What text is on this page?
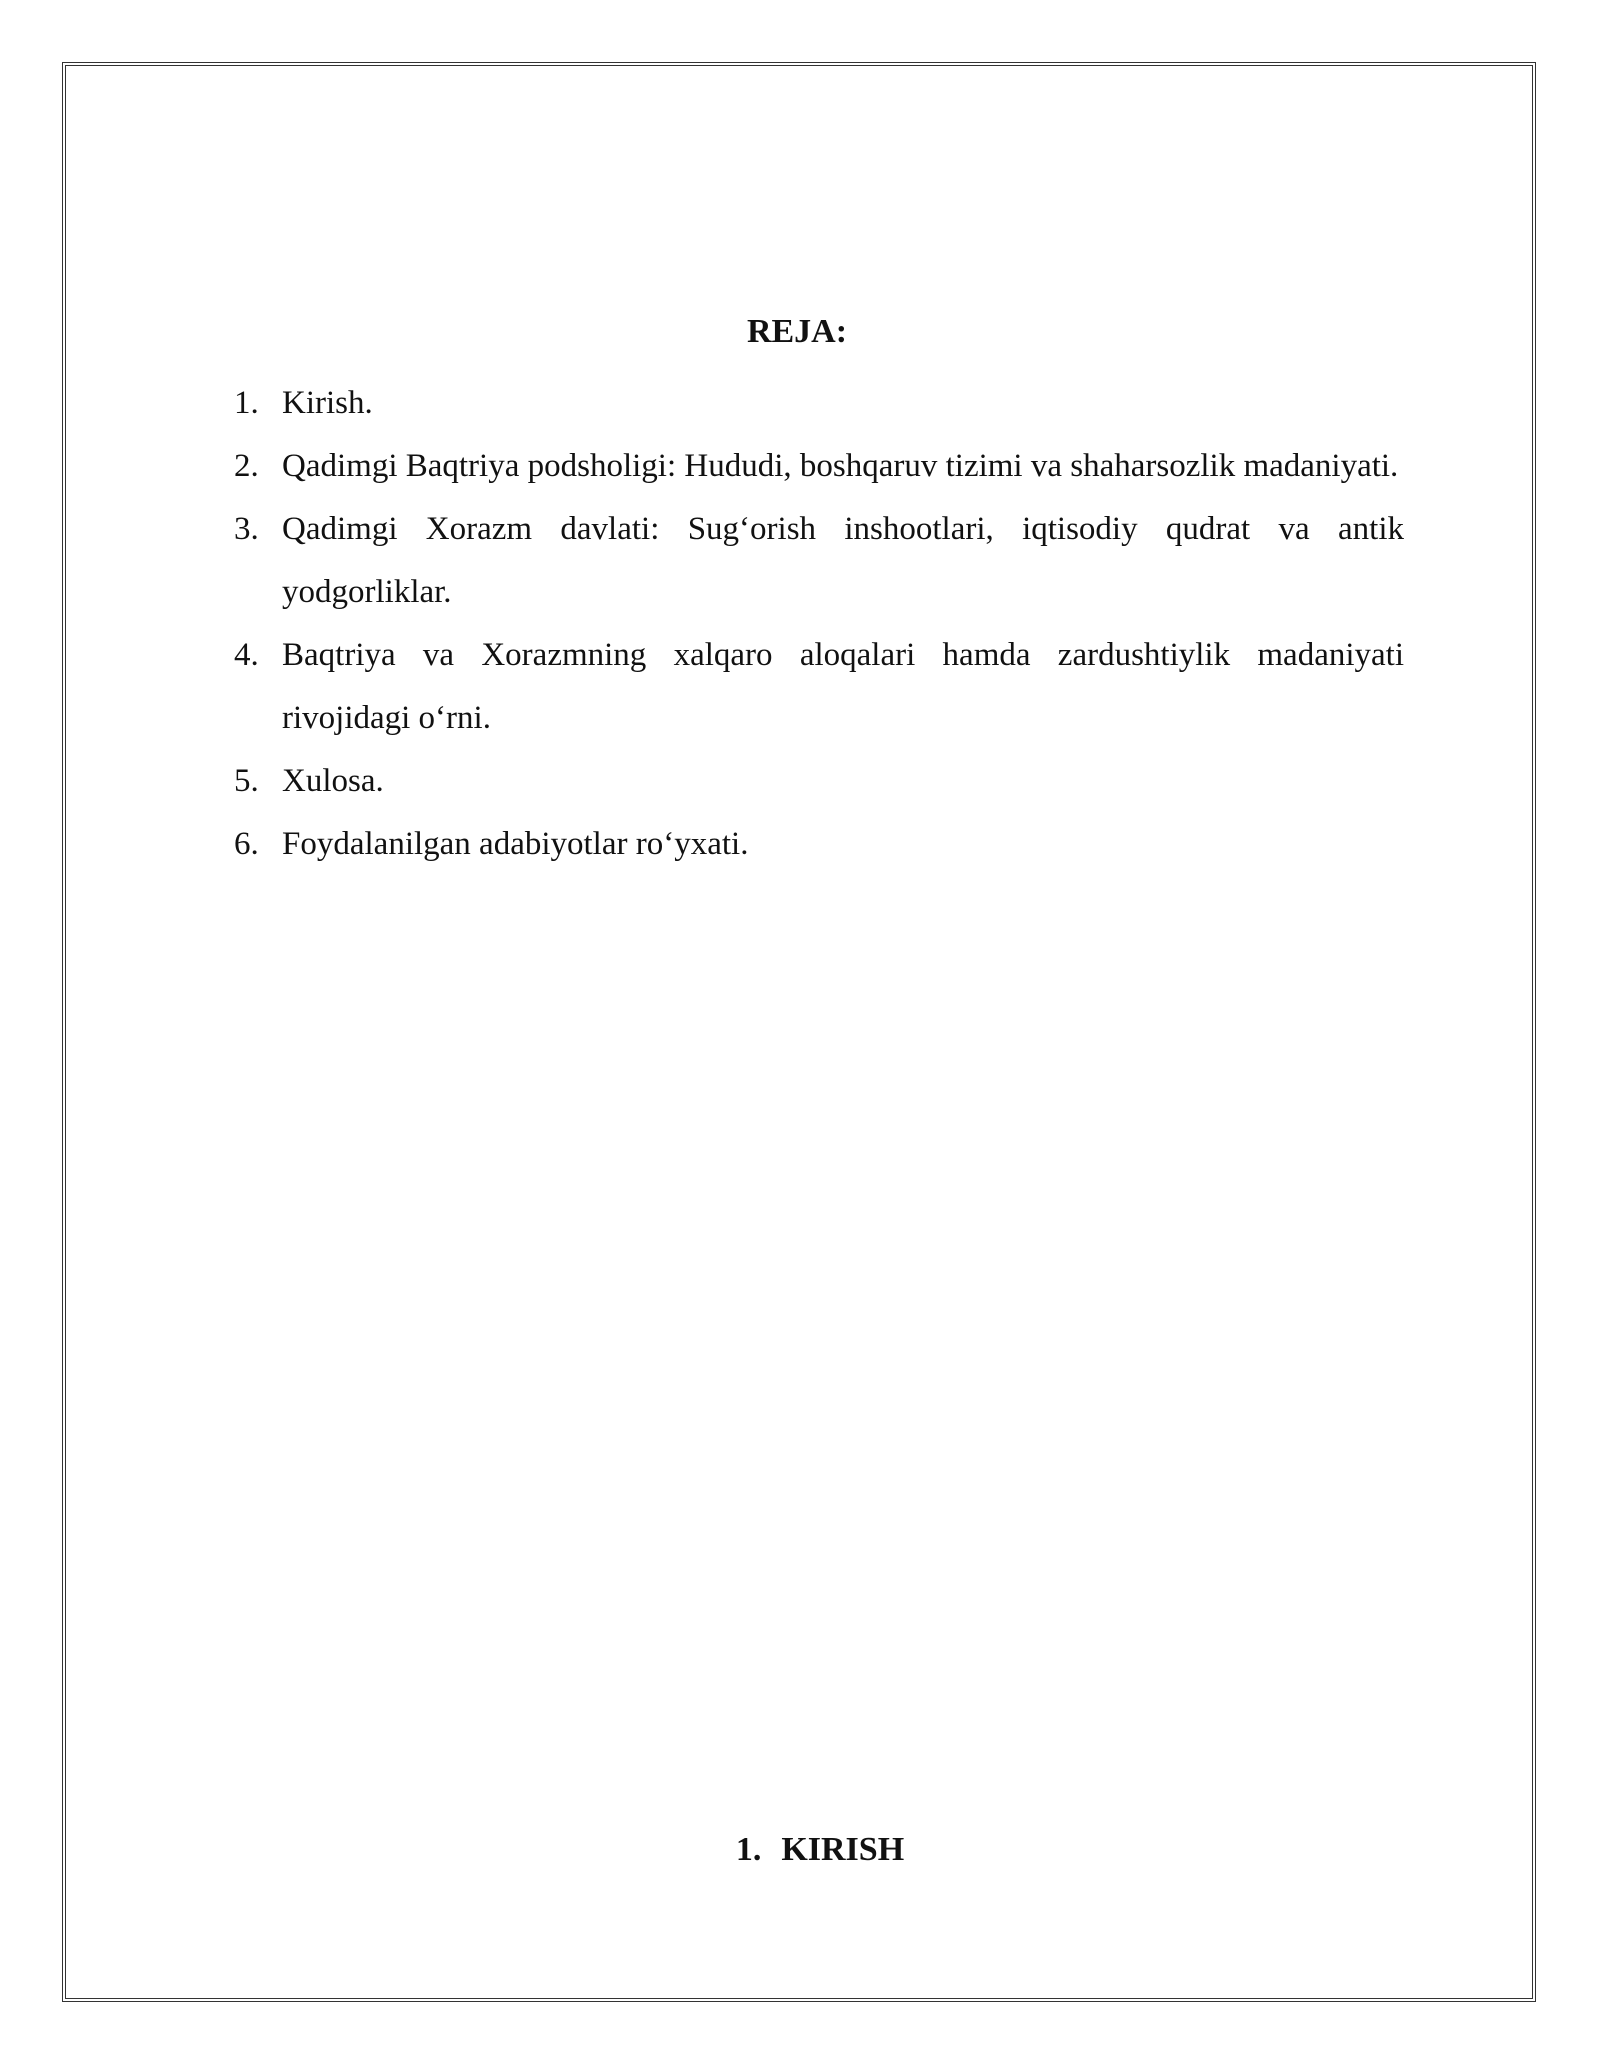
REJA:
1. Kirish.
2. Qadimgi Baqtriya podsholigi: Hududi, boshqaruv tizimi va shaharsozlik madaniyati.
3. Qadimgi Xorazm davlati: Sug‘orish inshootlari, iqtisodiy qudrat va antik yodgorliklar.
4. Baqtriya va Xorazmning xalqaro aloqalari hamda zardushtiylik madaniyati rivojidagi o‘rni.
5. Xulosa.
6. Foydalanilgan adabiyotlar ro‘yxati.
1. KIRISH
